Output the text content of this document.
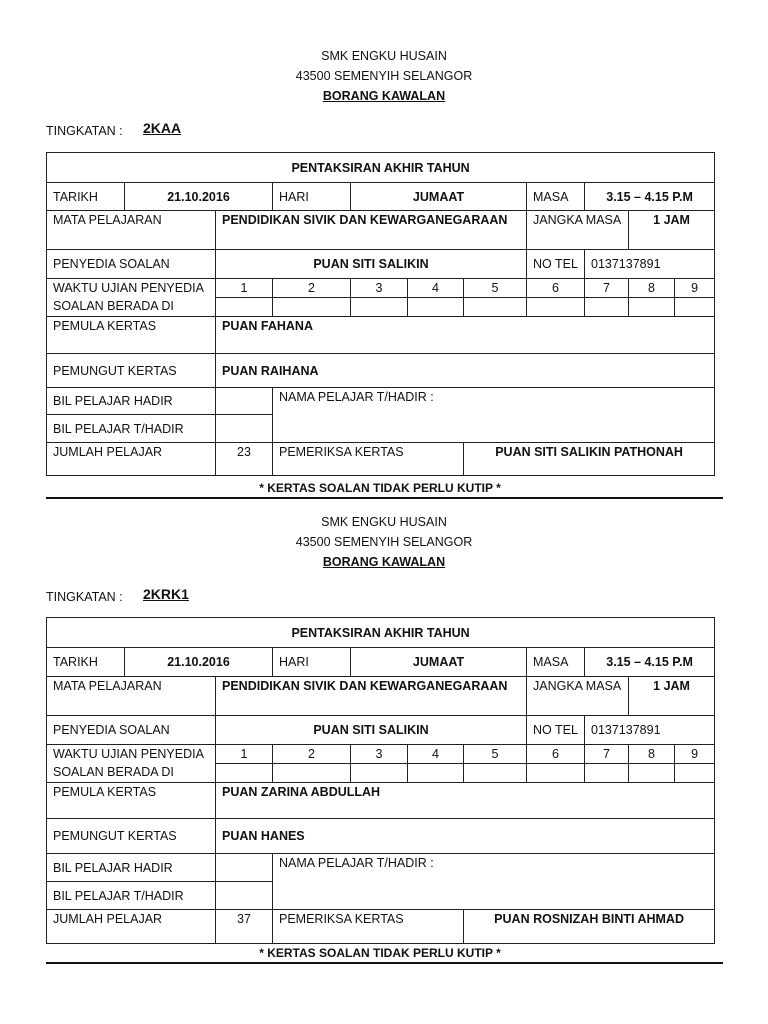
SMK ENGKU HUSAIN
43500 SEMENYIH SELANGOR
BORANG KAWALAN
TINGKATAN : 2KAA
PENTAKSIRAN AKHIR TAHUN										
TARIKH	21.10.2016		HARI	JUMAAT			MASA	3.15 – 4.15 P.M		
MATA PELAJARAN		PENDIDIKAN SIVIK DAN KEWARGANEGARAAN					JANGKA MASA		1 JAM	
PENYEDIA SOALAN		PUAN SITI SALIKIN					NO TEL	0137137891		
WAKTU UJIAN PENYEDIA SOALAN BERADA DI		1	2	3	4	5	6	7	8	9

PEMULA KERTAS		PUAN FAHANA								
PEMUNGUT KERTAS		PUAN RAIHANA								
BIL PELAJAR HADIR			NAMA PELAJAR T/HADIR :							
BIL PELAJAR T/HADIR										
JUMLAH PELAJAR		23	PEMERIKSA KERTAS			PUAN SITI SALIKIN PATHONAH				
* KERTAS SOALAN TIDAK PERLU KUTIP *
SMK ENGKU HUSAIN
43500 SEMENYIH SELANGOR
BORANG KAWALAN
TINGKATAN : 2KRK1
PENTAKSIRAN AKHIR TAHUN										
TARIKH	21.10.2016		HARI	JUMAAT			MASA	3.15 – 4.15 P.M		
MATA PELAJARAN		PENDIDIKAN SIVIK DAN KEWARGANEGARAAN					JANGKA MASA		1 JAM	
PENYEDIA SOALAN		PUAN SITI SALIKIN					NO TEL	0137137891		
WAKTU UJIAN PENYEDIA SOALAN BERADA DI		1	2	3	4	5	6	7	8	9

PEMULA KERTAS		PUAN ZARINA ABDULLAH								
PEMUNGUT KERTAS		PUAN HANES								
BIL PELAJAR HADIR			NAMA PELAJAR T/HADIR :							
BIL PELAJAR T/HADIR										
JUMLAH PELAJAR		37	PEMERIKSA KERTAS			PUAN ROSNIZAH BINTI AHMAD				
* KERTAS SOALAN TIDAK PERLU KUTIP *
